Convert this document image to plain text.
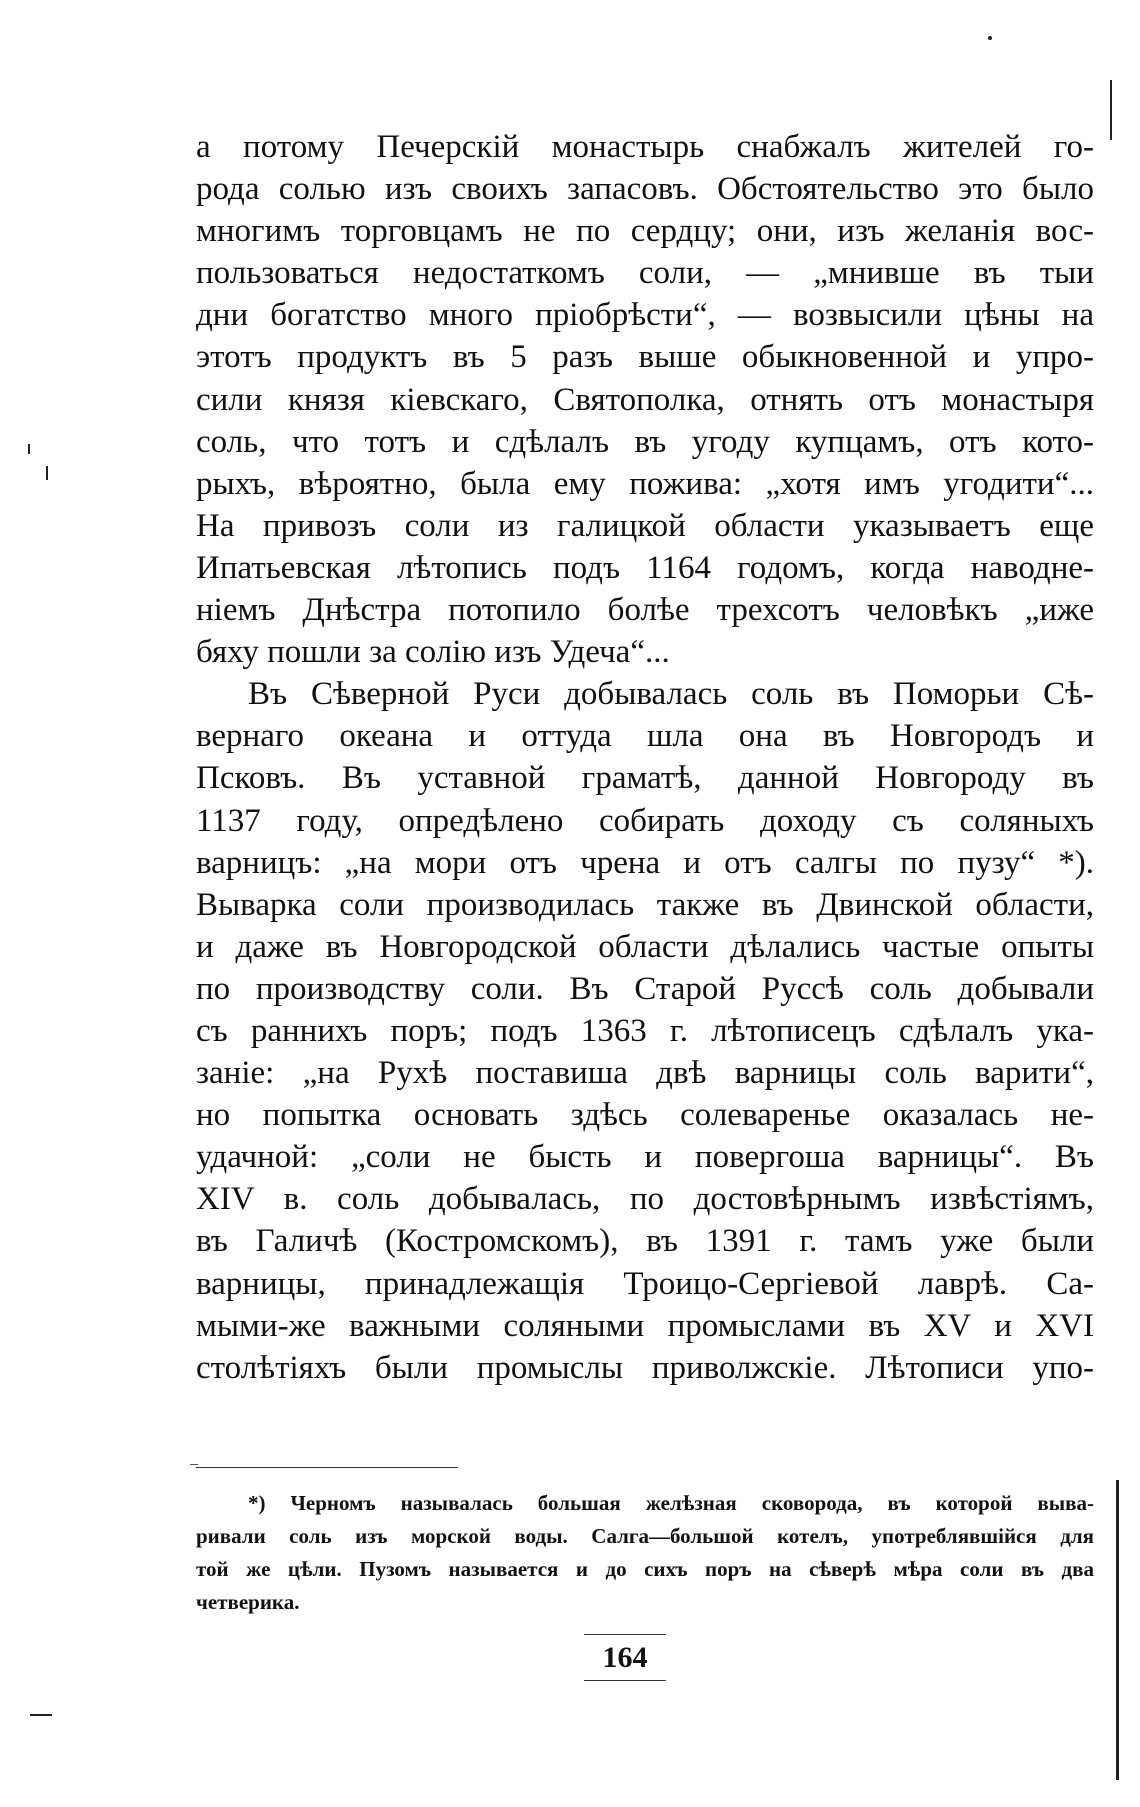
а потому Печерскій монастырь снабжалъ жителей го-
рода солью изъ своихъ запасовъ. Обстоятельство это было
многимъ торговцамъ не по сердцу; они, изъ желанія вос-
пользоваться недостаткомъ соли, — „мнивше въ тыи
дни богатство много пріобрѣсти“, — возвысили цѣны на
этотъ продуктъ въ 5 разъ выше обыкновенной и упро-
сили князя кіевскаго, Святополка, отнять отъ монастыря
соль, что тотъ и сдѣлалъ въ угоду купцамъ, отъ кото-
рыхъ, вѣроятно, была ему пожива: „хотя имъ угодити“...
На привозъ соли из галицкой области указываетъ еще
Ипатьевская лѣтопись подъ 1164 годомъ, когда наводне-
ніемъ Днѣстра потопило болѣе трехсотъ человѣкъ „иже
бяху пошли за солію изъ Удеча“...
Въ Сѣверной Руси добывалась соль въ Поморьи Сѣ-
вернаго океана и оттуда шла она въ Новгородъ и
Псковъ. Въ уставной граматѣ, данной Новгороду въ
1137 году, опредѣлено собирать доходу съ соляныхъ
варницъ: „на мори отъ чрена и отъ салгы по пузу“ *).
Выварка соли производилась также въ Двинской области,
и даже въ Новгородской области дѣлались частые опыты
по производству соли. Въ Старой Руссѣ соль добывали
съ раннихъ поръ; подъ 1363 г. лѣтописецъ сдѣлалъ ука-
заніе: „на Рухѣ поставиша двѣ варницы соль варити“,
но попытка основать здѣсь солеваренье оказалась не-
удачной: „соли не бысть и повергоша варницы“. Въ
XIV в. соль добывалась, по достовѣрнымъ извѣстіямъ,
въ Галичѣ (Костромскомъ), въ 1391 г. тамъ уже были
варницы, принадлежащія Троицо-Сергіевой лаврѣ. Са-
мыми-же важными соляными промыслами въ XV и XVI
столѣтіяхъ были промыслы приволжскіе. Лѣтописи упо-
*) Черномъ называлась большая желѣзная сковорода, въ которой выва-
ривали соль изъ морской воды. Салга—большой котелъ, употреблявшійся для
той же цѣли. Пузомъ называется и до сихъ поръ на сѣверѣ мѣра соли въ два
четверика.
164
